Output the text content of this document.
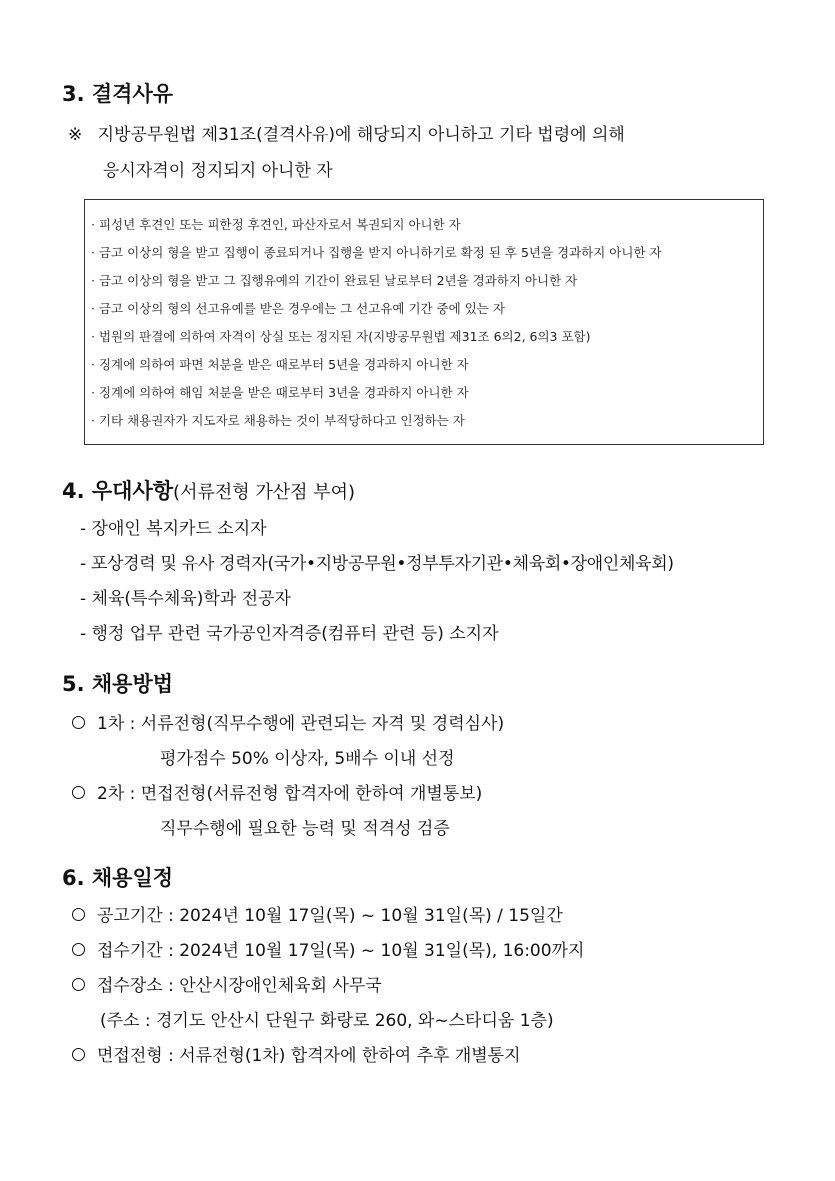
3. 결격사유
※ 지방공무원법 제31조(결격사유)에 해당되지 아니하고 기타 법령에 의해
응시자격이 정지되지 아니한 자
· 피성년 후견인 또는 피한정 후견인, 파산자로서 복권되지 아니한 자
· 금고 이상의 형을 받고 집행이 종료되거나 집행을 받지 아니하기로 확정 된 후 5년을 경과하지 아니한 자
· 금고 이상의 형을 받고 그 집행유예의 기간이 완료된 날로부터 2년을 경과하지 아니한 자
· 금고 이상의 형의 선고유예를 받은 경우에는 그 선고유예 기간 중에 있는 자
· 법원의 판결에 의하여 자격이 상실 또는 정지된 자(지방공무원법 제31조 6의2, 6의3 포함)
· 징계에 의하여 파면 처분을 받은 때로부터 5년을 경과하지 아니한 자
· 징계에 의하여 해임 처분을 받은 때로부터 3년을 경과하지 아니한 자
· 기타 채용권자가 지도자로 채용하는 것이 부적당하다고 인정하는 자
4. 우대사항(서류전형 가산점 부여)
- 장애인 복지카드 소지자
- 포상경력 및 유사 경력자(국가•지방공무원•정부투자기관•체육회•장애인체육회)
- 체육(특수체육)학과 전공자
- 행정 업무 관련 국가공인자격증(컴퓨터 관련 등) 소지자
5. 채용방법
1차 : 서류전형(직무수행에 관련되는 자격 및 경력심사)
평가점수 50% 이상자, 5배수 이내 선정
2차 : 면접전형(서류전형 합격자에 한하여 개별통보)
직무수행에 필요한 능력 및 적격성 검증
6. 채용일정
공고기간 : 2024년 10월 17일(목) ~ 10월 31일(목) / 15일간
접수기간 : 2024년 10월 17일(목) ~ 10월 31일(목), 16:00까지
접수장소 : 안산시장애인체육회 사무국
(주소 : 경기도 안산시 단원구 화랑로 260, 와~스타디움 1층)
면접전형 : 서류전형(1차) 합격자에 한하여 추후 개별통지
